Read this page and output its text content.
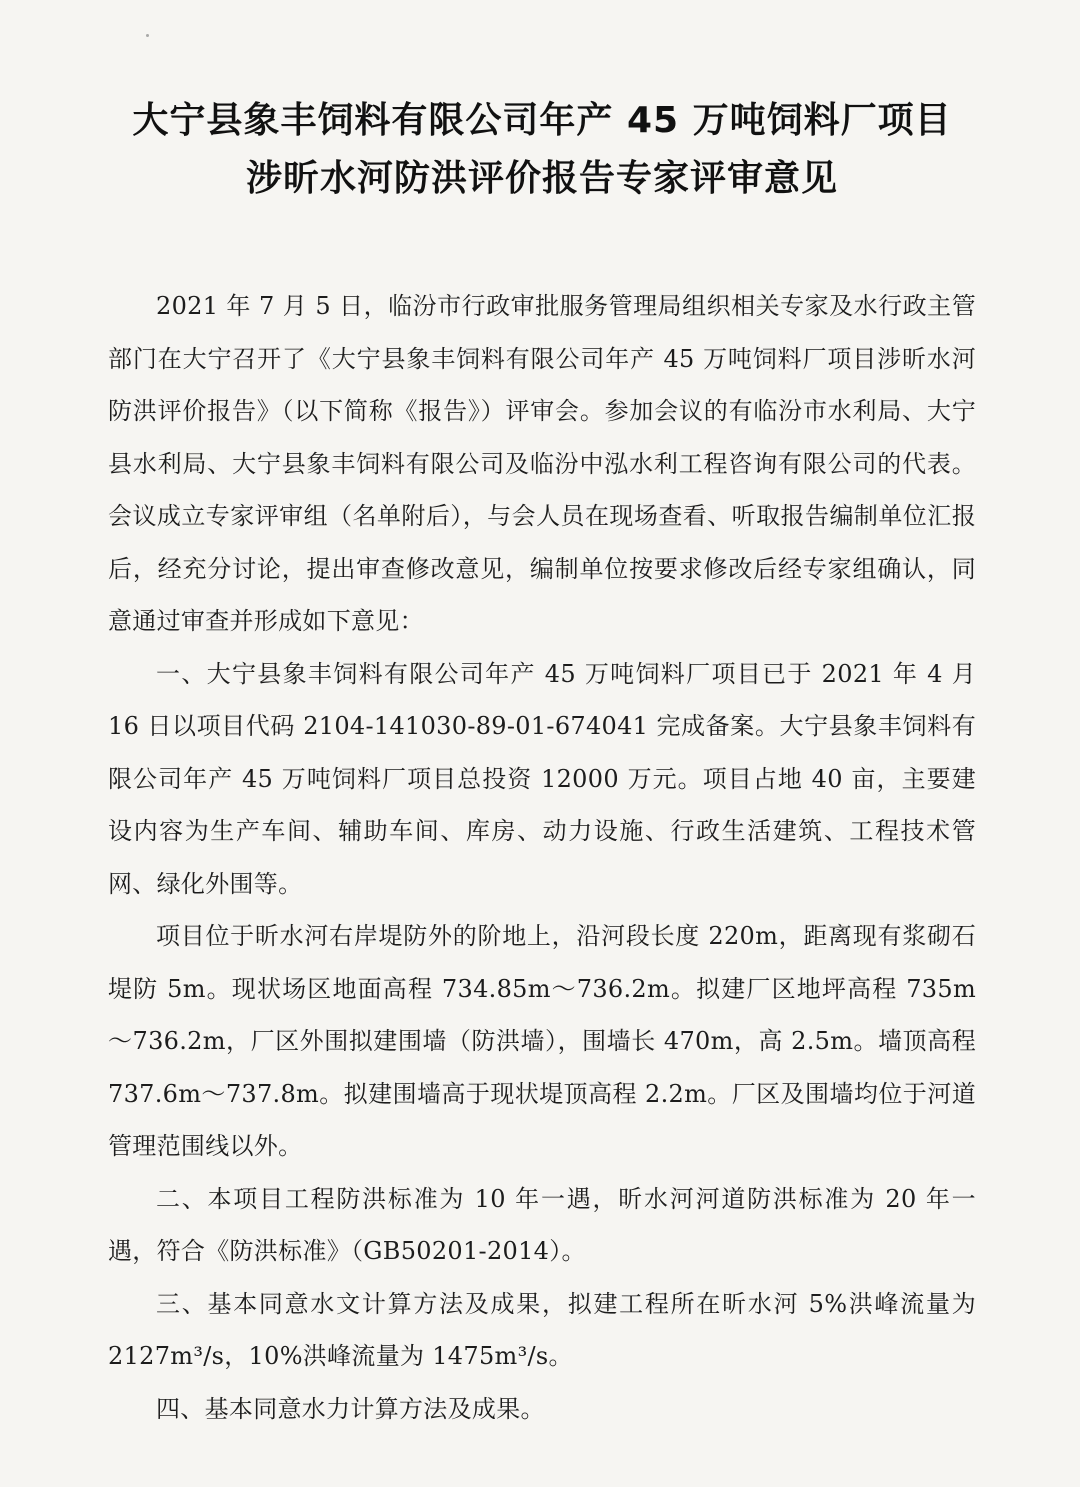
大宁县象丰饲料有限公司年产 45 万吨饲料厂项目
涉昕水河防洪评价报告专家评审意见

2021 年 7 月 5 日，临汾市行政审批服务管理局组织相关专家及水行政主管部门在大宁召开了《大宁县象丰饲料有限公司年产 45 万吨饲料厂项目涉昕水河防洪评价报告》（以下简称《报告》）评审会。参加会议的有临汾市水利局、大宁县水利局、大宁县象丰饲料有限公司及临汾中泓水利工程咨询有限公司的代表。会议成立专家评审组（名单附后），与会人员在现场查看、听取报告编制单位汇报后，经充分讨论，提出审查修改意见，编制单位按要求修改后经专家组确认，同意通过审查并形成如下意见：

一、大宁县象丰饲料有限公司年产 45 万吨饲料厂项目已于 2021 年 4 月 16 日以项目代码 2104-141030-89-01-674041 完成备案。大宁县象丰饲料有限公司年产 45 万吨饲料厂项目总投资 12000 万元。项目占地 40 亩，主要建设内容为生产车间、辅助车间、库房、动力设施、行政生活建筑、工程技术管网、绿化外围等。

项目位于昕水河右岸堤防外的阶地上，沿河段长度 220m，距离现有浆砌石堤防 5m。现状场区地面高程 734.85m～736.2m。拟建厂区地坪高程 735m～736.2m，厂区外围拟建围墙（防洪墙），围墙长 470m，高 2.5m。墙顶高程 737.6m～737.8m。拟建围墙高于现状堤顶高程 2.2m。厂区及围墙均位于河道管理范围线以外。

二、本项目工程防洪标准为 10 年一遇，昕水河河道防洪标准为 20 年一遇，符合《防洪标准》（GB50201-2014）。

三、基本同意水文计算方法及成果，拟建工程所在昕水河 5%洪峰流量为 2127m³/s，10%洪峰流量为 1475m³/s。

四、基本同意水力计算方法及成果。
